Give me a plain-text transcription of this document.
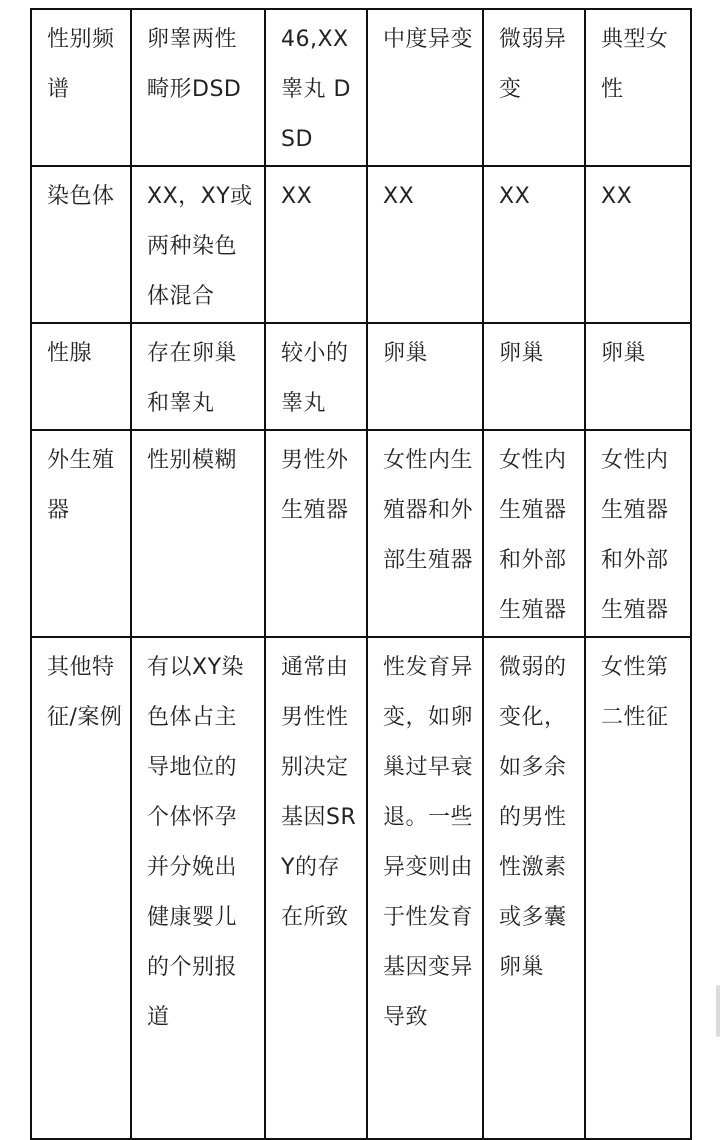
性别频谱	卵睾两性畸形DSD	46,XX 睾丸 DSD	中度异变	微弱异变	典型女性

染色体	XX，XY或两种染色体混合	XX	XX	XX	XX

性腺	存在卵巢和睾丸	较小的睾丸	卵巢	卵巢	卵巢

外生殖器	性别模糊	男性外生殖器	女性内生殖器和外部生殖器	女性内生殖器和外部生殖器	女性内生殖器和外部生殖器

其他特征/案例	有以XY染色体占主导地位的个体怀孕并分娩出健康婴儿的个别报道	通常由男性性别决定基因SRY的存在所致	性发育异变，如卵巢过早衰退。一些异变则由于性发育基因变异导致	微弱的变化，如多余的男性性激素或多囊卵巢	女性第二性征
